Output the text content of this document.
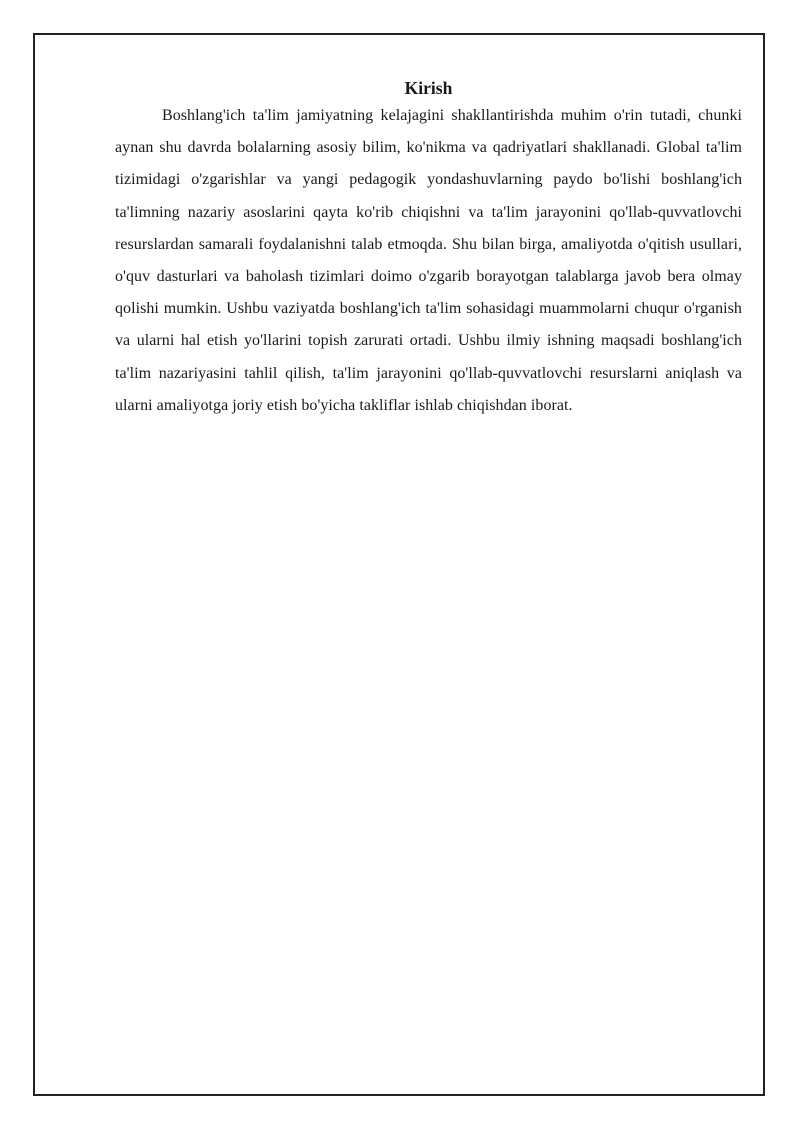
Kirish

Boshlang'ich ta'lim jamiyatning kelajagini shakllantirishda muhim o'rin tutadi, chunki aynan shu davrda bolalarning asosiy bilim, ko'nikma va qadriyatlari shakllanadi. Global ta'lim tizimidagi o'zgarishlar va yangi pedagogik yondashuvlarning paydo bo'lishi boshlang'ich ta'limning nazariy asoslarini qayta ko'rib chiqishni va ta'lim jarayonini qo'llab-quvvatlovchi resurslardan samarali foydalanishni talab etmoqda. Shu bilan birga, amaliyotda o'qitish usullari, o'quv dasturlari va baholash tizimlari doimo o'zgarib borayotgan talablarga javob bera olmay qolishi mumkin. Ushbu vaziyatda boshlang'ich ta'lim sohasidagi muammolarni chuqur o'rganish va ularni hal etish yo'llarini topish zarurati ortadi. Ushbu ilmiy ishning maqsadi boshlang'ich ta'lim nazariyasini tahlil qilish, ta'lim jarayonini qo'llab-quvvatlovchi resurslarni aniqlash va ularni amaliyotga joriy etish bo'yicha takliflar ishlab chiqishdan iborat.
